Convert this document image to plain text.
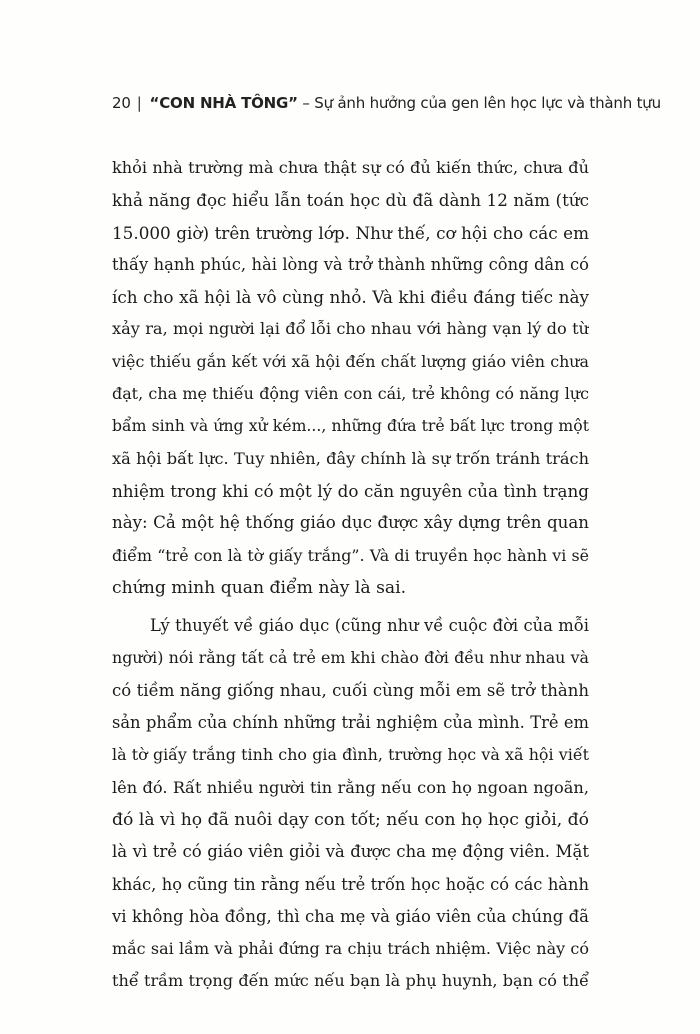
20 | “CON NHÀ TÔNG” – Sự ảnh hưởng của gen lên học lực và thành tựu
khỏi nhà trường mà chưa thật sự có đủ kiến thức, chưa đủ
khả năng đọc hiểu lẫn toán học dù đã dành 12 năm (tức
15.000 giờ) trên trường lớp. Như thế, cơ hội cho các em
thấy hạnh phúc, hài lòng và trở thành những công dân có
ích cho xã hội là vô cùng nhỏ. Và khi điều đáng tiếc này
xảy ra, mọi người lại đổ lỗi cho nhau với hàng vạn lý do từ
việc thiếu gắn kết với xã hội đến chất lượng giáo viên chưa
đạt, cha mẹ thiếu động viên con cái, trẻ không có năng lực
bẩm sinh và ứng xử kém..., những đứa trẻ bất lực trong một
xã hội bất lực. Tuy nhiên, đây chính là sự trốn tránh trách
nhiệm trong khi có một lý do căn nguyên của tình trạng
này: Cả một hệ thống giáo dục được xây dựng trên quan
điểm “trẻ con là tờ giấy trắng”. Và di truyền học hành vi sẽ
chứng minh quan điểm này là sai.
Lý thuyết về giáo dục (cũng như về cuộc đời của mỗi
người) nói rằng tất cả trẻ em khi chào đời đều như nhau và
có tiềm năng giống nhau, cuối cùng mỗi em sẽ trở thành
sản phẩm của chính những trải nghiệm của mình. Trẻ em
là tờ giấy trắng tinh cho gia đình, trường học và xã hội viết
lên đó. Rất nhiều người tin rằng nếu con họ ngoan ngoãn,
đó là vì họ đã nuôi dạy con tốt; nếu con họ học giỏi, đó
là vì trẻ có giáo viên giỏi và được cha mẹ động viên. Mặt
khác, họ cũng tin rằng nếu trẻ trốn học hoặc có các hành
vi không hòa đồng, thì cha mẹ và giáo viên của chúng đã
mắc sai lầm và phải đứng ra chịu trách nhiệm. Việc này có
thể trầm trọng đến mức nếu bạn là phụ huynh, bạn có thể
